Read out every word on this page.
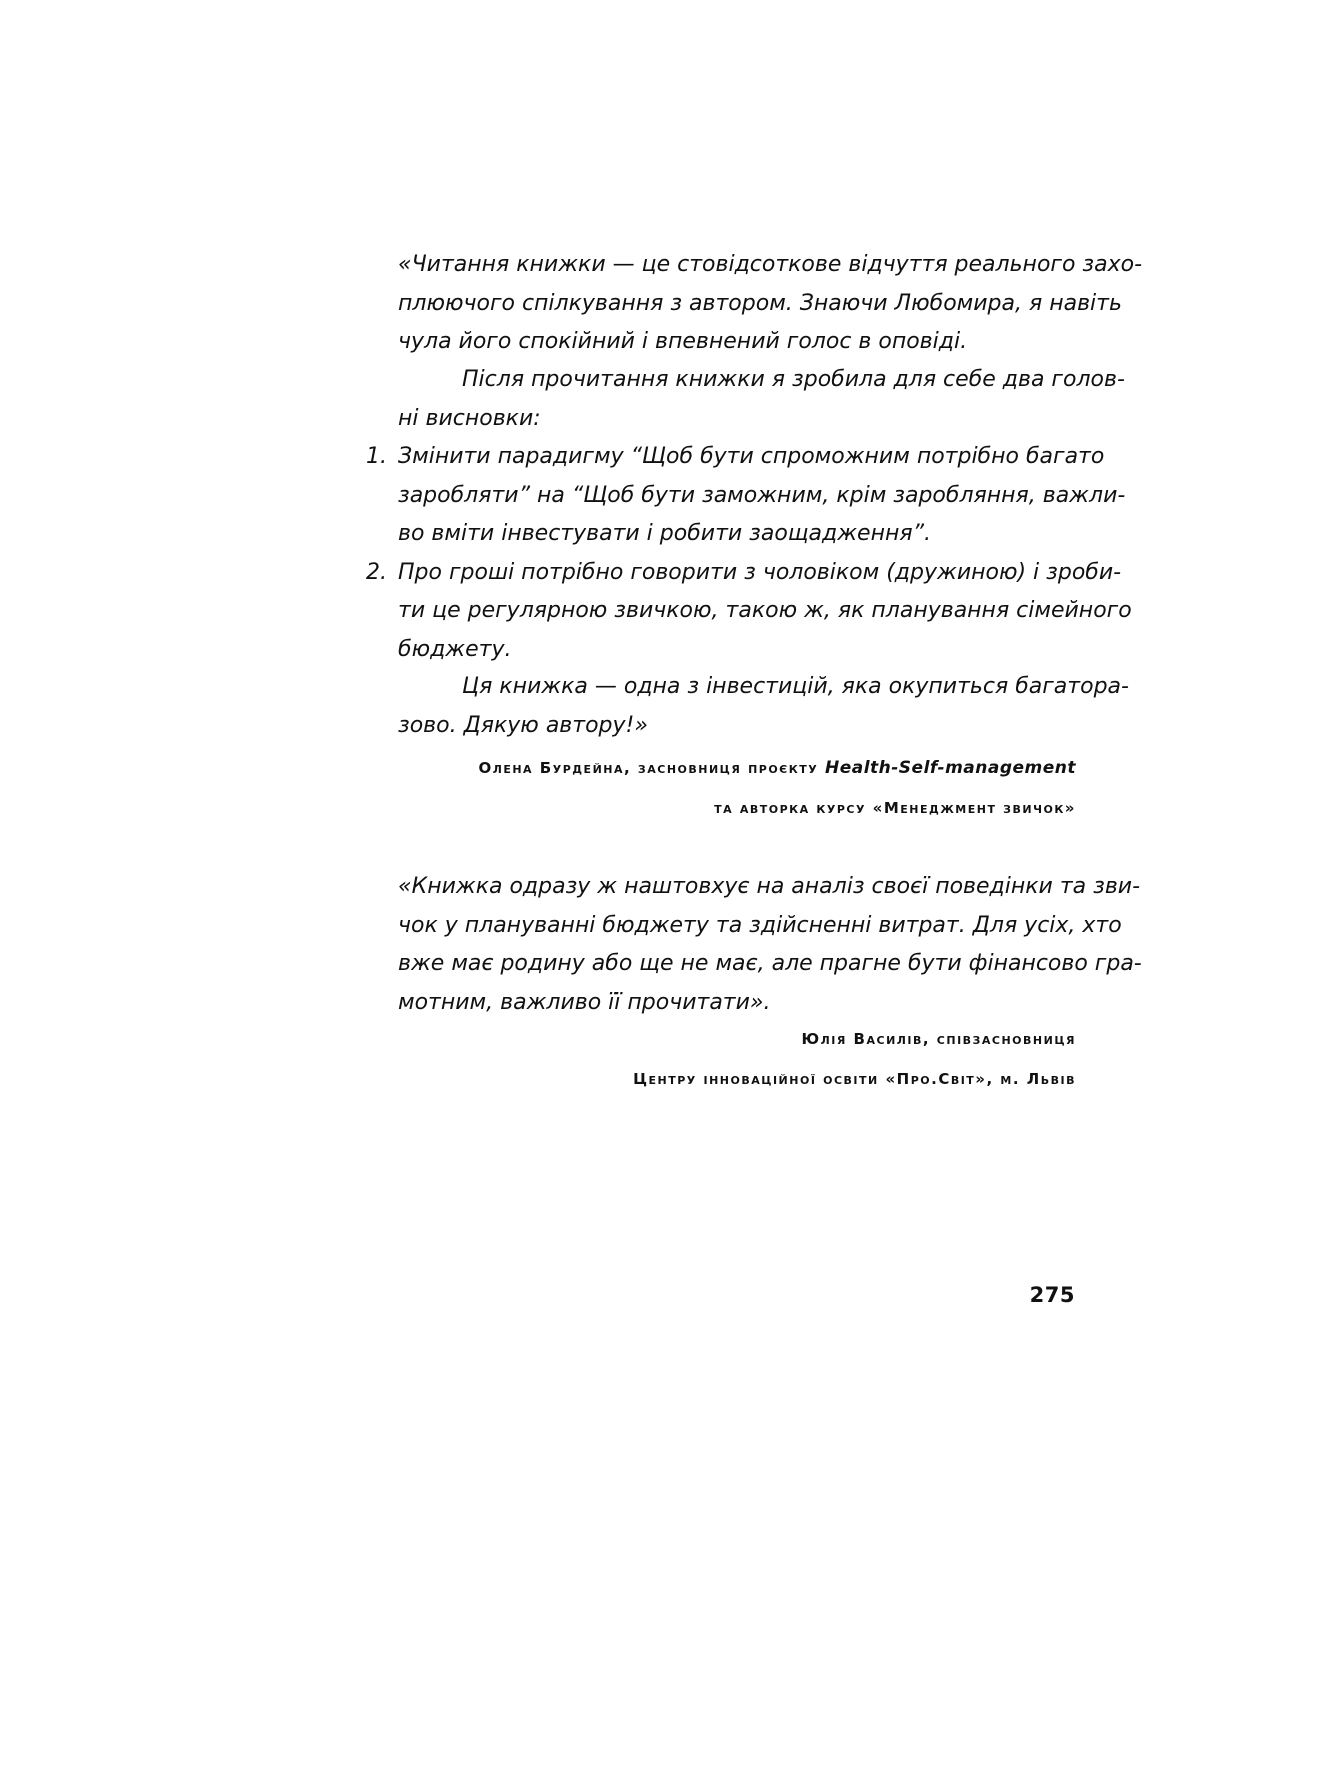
«Читання книжки — це стовідсоткове відчуття реального захо-
плюючого спілкування з автором. Знаючи Любомира, я навіть
чула його спокійний і впевнений голос в оповіді.
Після прочитання книжки я зробила для себе два голов-
ні висновки:
1. Змінити парадигму “Щоб бути спроможним потрібно багато
заробляти” на “Щоб бути заможним, крім заробляння, важли-
во вміти інвестувати і робити заощадження”.
2. Про гроші потрібно говорити з чоловіком (дружиною) і зроби-
ти це регулярною звичкою, такою ж, як планування сімейного
бюджету.
Ця книжка — одна з інвестицій, яка окупиться багатора-
зово. Дякую автору!»
Олена Бурдейна, засновниця проєкту Health-Self-management
та авторка курсу «Менеджмент звичок»
«Книжка одразу ж наштовхує на аналіз своєї поведінки та зви-
чок у плануванні бюджету та здійсненні витрат. Для усіх, хто
вже має родину або ще не має, але прагне бути фінансово гра-
мотним, важливо її прочитати».
Юлія Василів, співзасновниця
Центру інноваційної освіти «Про.Світ», м. Львів
275
